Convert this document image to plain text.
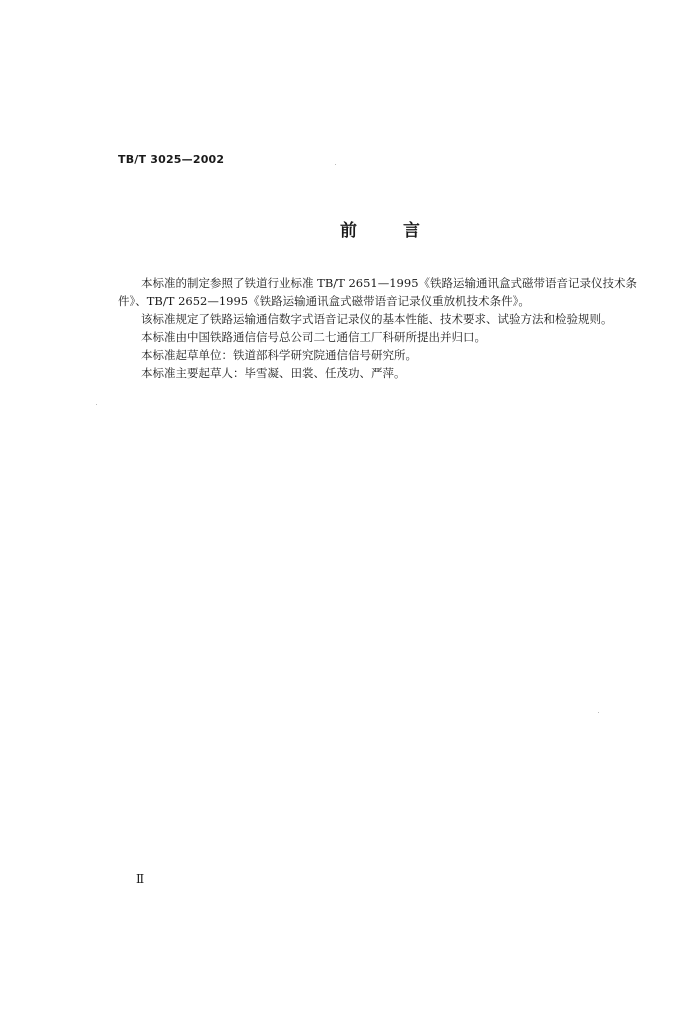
TB/T 3025—2002
前	言
本标准的制定参照了铁道行业标准 TB/T 2651—1995《铁路运输通讯盒式磁带语音记录仪技术条
件》、TB/T 2652—1995《铁路运输通讯盒式磁带语音记录仪重放机技术条件》。
该标准规定了铁路运输通信数字式语音记录仪的基本性能、技术要求、试验方法和检验规则。
本标准由中国铁路通信信号总公司二七通信工厂科研所提出并归口。
本标准起草单位：铁道部科学研究院通信信号研究所。
本标准主要起草人：毕雪凝、田裳、任茂功、严萍。
Ⅱ
